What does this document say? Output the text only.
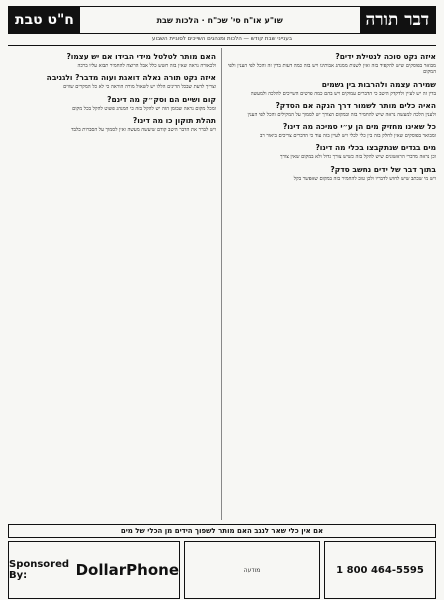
דבר תורה
שו"ע או"ח סי' שכ"ח · הלכות שבת
ח"ט טבת
בענייני שבת קודש — הלכות ומנהגים השייכים לסוגיית השבוע
איזה נקט סוכה לנטילת ידים?

מבואר בפוסקים שיש להקפיד בזה ואין לשנות ממנהג אבותינו ויש בזה כמה דעות בדין זה והכל לפי הענין ולפי המקום

שמירה עצמה ולהרבות בין גשמים

בדין זה יש לעיין ולדקדק היטב כי הדברים עמוקים ויש בהם כמה פרטים השייכים להלכה ולמעשה

האיה כלים מותר לשמור דרך הנקה אם הסדק?

ולענין הלכה למעשה נראה שיש להחמיר בזה ובמקום הצורך יש לסמוך על המקילים והכל לפי הענין

כל שאינו מחזיק מים הן ע״י סמיכה מה דינו?

ומבואר בפוסקים שאין לחלק בזה בין כלי לכלי ויש לעיין בזה עוד כי הדברים צריכים ביאור רב

מים בגדים שנתקבצו בכלי מה דינו?

וכן נראה מדברי הראשונים שיש להקל בזה כשיש צורך גדול ולא במקום שאין צורך

בתוך דבר של ידים נחשב סדק?

ויש מי שכתב שיש לחוש לדבריו ולכן טוב להחמיר בזה במקום שאפשר בקל

האם מותר לטלטל מידי הבידו אם יש עצמו?

ולכאורה נראה שאין בזה חשש כלל אבל הרוצה להחמיר תבוא עליו ברכה

איזה נקט תורה נאלה דואגת ועוה מדבר? ולגניבה

וצריך לדעת שבכל הדינים הללו יש לשאול מורה הוראה כי לא כל המקרים שווים

קום ושיים הם וסק״ק מה דינם?

ומכל מקום נראה שבזמן הזה יש להקל בזה כי המנהג פשוט להקל בכל מקום

תהלת תוקון כו מה דינו?

ויש לברר את הדבר היטב קודם שיעשה מעשה ואין לסמוך על הסברות בלבד

אם אין כלי שאר לנגב האם מותר לשפוך הידים מן הכלי של מים
Sponsored By:	DollarPhone	מודעה	1 800 464-5595
